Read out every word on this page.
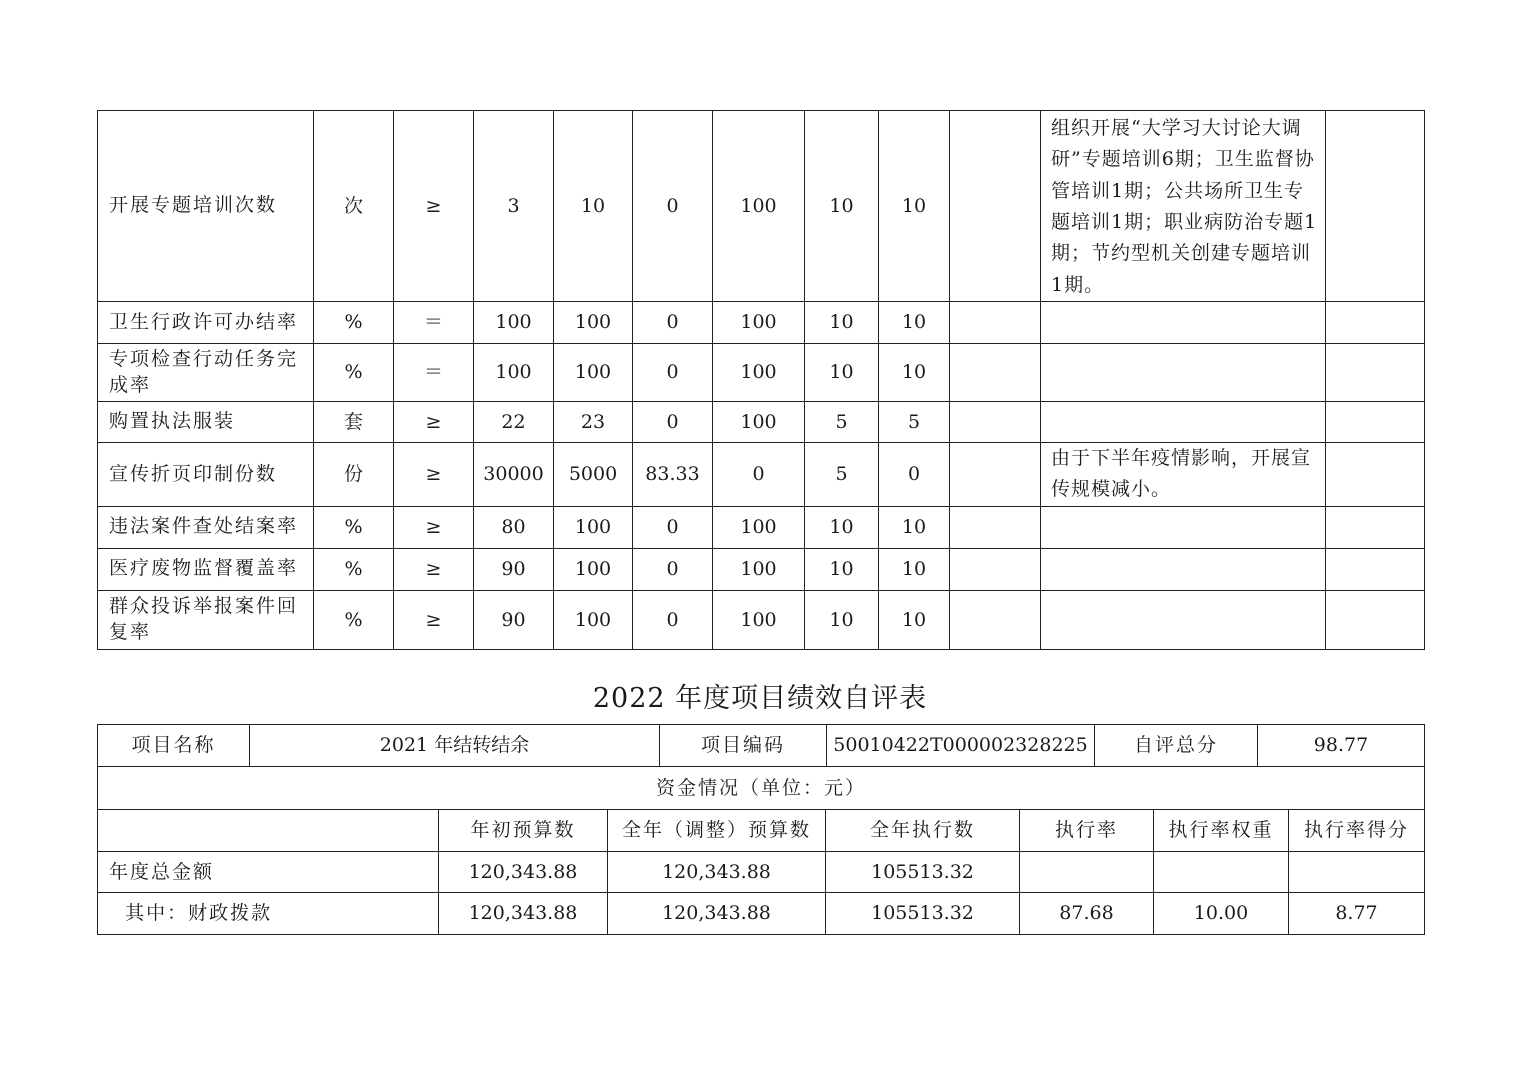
开展专题培训次数	次	≥	3	10	0	100	10	10		组织开展“大学习大讨论大调研”专题培训6期；卫生监督协管培训1期；公共场所卫生专题培训1期；职业病防治专题1期；节约型机关创建专题培训1期。	
卫生行政许可办结率	%	＝	100	100	0	100	10	10			
专项检查行动任务完成率	%	＝	100	100	0	100	10	10			
购置执法服装	套	≥	22	23	0	100	5	5			
宣传折页印制份数	份	≥	30000	5000	83.33	0	5	0		由于下半年疫情影响，开展宣传规模减小。	
违法案件查处结案率	%	≥	80	100	0	100	10	10			
医疗废物监督覆盖率	%	≥	90	100	0	100	10	10			
群众投诉举报案件回复率	%	≥	90	100	0	100	10	10			
2022 年度项目绩效自评表
项目名称	2021 年结转结余	项目编码	50010422T000002328225	自评总分	98.77
资金情况（单位：元）
	年初预算数	全年（调整）预算数	全年执行数	执行率	执行率权重	执行率得分
年度总金额	120,343.88	120,343.88	105513.32			
其中：财政拨款	120,343.88	120,343.88	105513.32	87.68	10.00	8.77
